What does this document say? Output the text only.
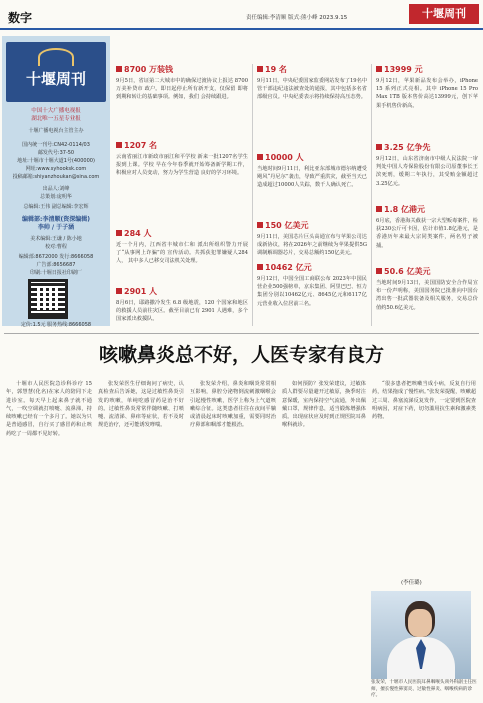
数字	责任编辑:李清顺 版式:熊小峰 2023.9.15	十堰周刊
十堰周刊
中国十大广播电视报
湖北唯一五星专业报
十堰广播电视台主管主办
国内统一刊号:CN42-0114/03
邮发代号:37-50
地址:十堰市十堰大道1号(400000)
网址:www.syhooksk.com
投稿邮箱:shiyanzhoukan@sina.com
出品人:刘峰
总策划:庞明华
总编辑:王伟 副总编辑:李宏辉
编辑部:李清顺(资深编辑)
李帅 / 于子涵
美术编辑:王谦 / 陈小地
校对:曹程
编辑部:8672000 发行:8666058
广告部:8656687
印刷:十堰日报社印刷厂
定价:1.5元 服务热线:8666058
8700 万装钱
9月5日，省证第二大城市中的确保过渡协议上报达 8700 万美补贷市 政户。即日起停止所有新开支，仅保留 即将到期和转让的基础事项。例如，我们 会持续跟进。
1207 名
云南省丽江市新政市丽江和平学校 新来一批1207名学生报到上课。学校 早在今年春季就开始筹备新学期工作， 积极应对人员变动，努力为学生营造 良好的学习环境。
284 人
近一个月内，江西省丰城市仁和 派出所组织警力开展了“从事网上诈骗”的 宣传活动。共抓获犯罪嫌疑人284人， 其中多人已移交司法机关处理。
2901 人
8月6日，耶路撒冷发生 6.8 级地震，120 个国家和地区的救援人员前往灾区。截至目前已有 2901 人遇难，多个国家派出救援队。
19 名
9月11日，中央纪委国家监委网站发布了19名中管干部违纪违法被查处的通报，其中包括多名省部级官员。中央纪委表示将持续保持高压态势。
10000 人
当地时间9月11日，利比亚东部城市德尔纳遭受飓风“丹尼尔”袭击，导致严重洪灾，截至当天已造成超过10000人失踪，数千人确认死亡。
150 亿美元
9月11日，美国芯片巨头高通宣布与苹果公司达成新协议，将在2026年之前继续为苹果提供5G调制解调器芯片，交易总额约150亿美元。
10462 亿元
9月12日，中国全国工商联公布 2023年中国民营企业500强榜单，京东集团、阿里巴巴、恒力集团分别以10462亿元、8645亿元和6117亿元营业收入位居前三名。
13999 元
9月12日，苹果新品发布会举办，iPhone 15 系列正式亮相。其中 iPhone 15 Pro Max 1TB 版本售价高达13999元，创下苹果手机售价新高。
3.25 亿争先
9月12日，山东省济南市中级人民法院一审判处中国人寿保险股份有限公司原董事长王滨死刑，缓期二年执行，其受贿金额超过3.25亿元。
1.8 亿港元
6月底，香港海关截获一宗大型贩毒案件，检获230公斤可卡因，估计市值1.8亿港元，是香港历年来最大宗同类案件，两名男子被捕。
50.6 亿美元
当地时间9月13日，美国国防安全合作局宣布一份声明称，美国国务院已批准向中国台湾出售一批武器装备及相关服务，交易总价值约50.6亿美元。
咳嗽鼻炎总不好，人医专家有良方

十堰市人民医院急诊科诊疗 15 年，郭慧慧(化名)在家人的陪同下走进诊室。每天早上起来鼻子就不通气，一吹空调就打喷嚏、流鼻涕，持续咳嗽已经有一个多月了。她以为只是普通感冒，自行买了感冒药和止咳药吃了一周都不见好转。

张发荣医生仔细询问了病史，认真检查后告诉她，这是过敏性鼻炎引发的咳嗽，单纯吃感冒药是治不好的。过敏性鼻炎常常伴随咳嗽、打喷嚏、流清涕、鼻痒等症状，若不及时规范治疗，还可能诱发哮喘。

张发荣介绍，鼻炎和咽炎常常相互影响，鼻腔分泌物倒流刺激咽喉会引起慢性咳嗽，医学上称为上气道咳嗽综合征。这类患者往往在夜间平躺或清晨起床时咳嗽加重，需要同时治疗鼻部和咽部才能根治。

如何预防？张发荣建议，过敏体质人群要尽量避开过敏原，换季时注意保暖，室内保持空气流通，外出佩戴口罩，规律作息，适当锻炼增强体质。出现症状应及时到正规医院耳鼻喉科就诊。

“很多患者把咳嗽当成小病，反复自行用药，结果拖成了慢性病。”张发荣提醒，咳嗽超过三周、鼻塞流涕反复发作，一定要到医院查明病因，对症下药，切勿滥用抗生素和激素类药物。

(李佳璐)
张发荣，十堰市人民医院耳鼻咽喉头颈外科副主任医师，擅长慢性鼻窦炎、过敏性鼻炎、咽喉疾病的诊疗。
